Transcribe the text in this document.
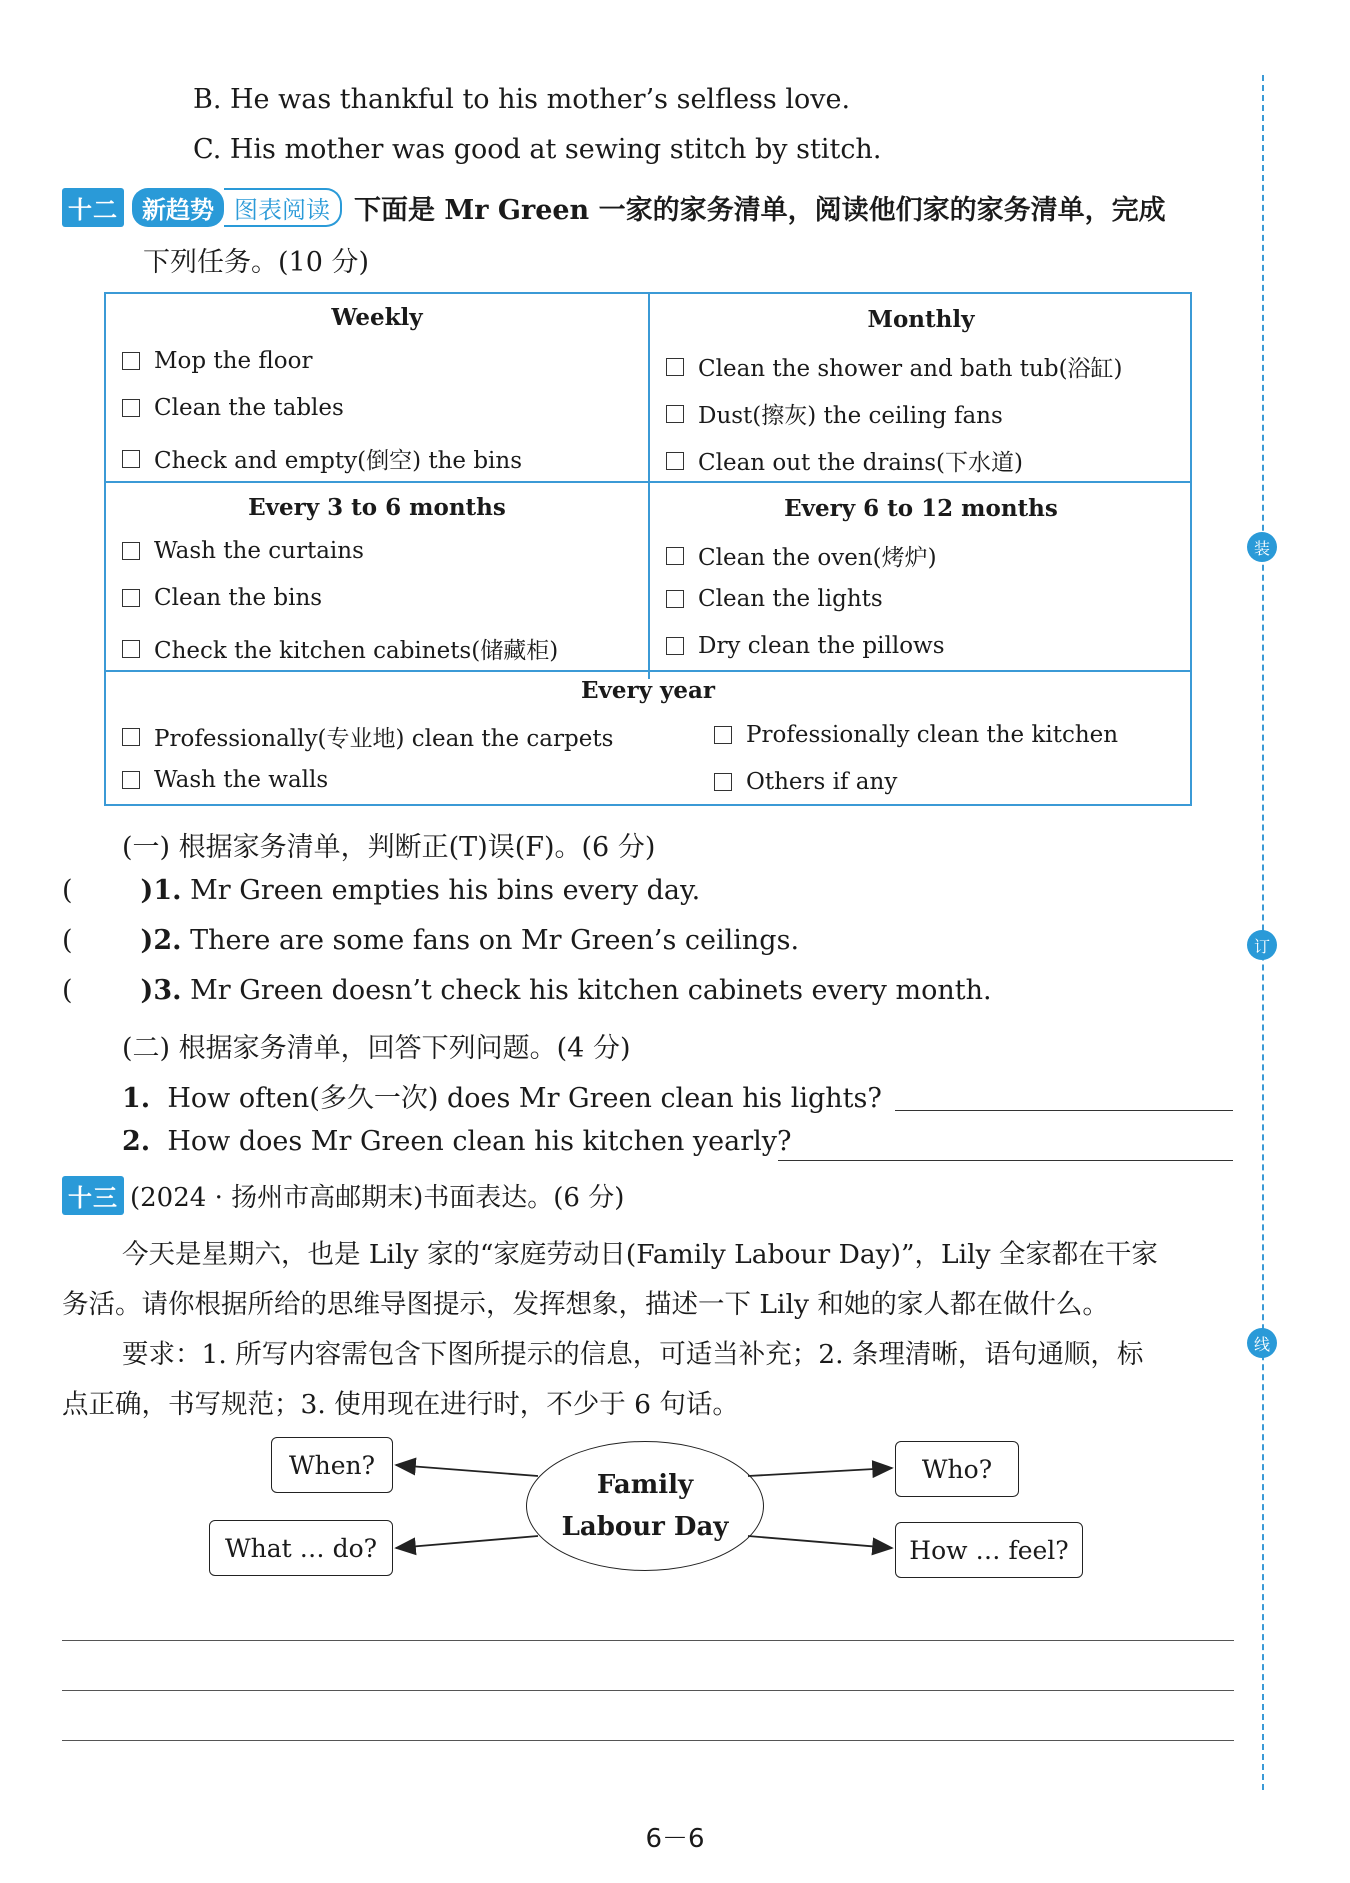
B. He was thankful to his mother’s selfless love.
C. His mother was good at sewing stitch by stitch.
十二	新趋势 图表阅读 下面是 Mr Green 一家的家务清单，阅读他们家的家务清单，完成
下列任务。(10 分)
Weekly
Mop the floor
Clean the tables
Check and empty(倒空) the bins
Monthly
Clean the shower and bath tub(浴缸)
Dust(擦灰) the ceiling fans
Clean out the drains(下水道)
Every 3 to 6 months
Wash the curtains
Clean the bins
Check the kitchen cabinets(储藏柜)
Every 6 to 12 months
Clean the oven(烤炉)
Clean the lights
Dry clean the pillows
Every year
Professionally(专业地) clean the carpets
Wash the walls
Professionally clean the kitchen
Others if any
(一) 根据家务清单，判断正(T)误(F)。(6 分)
(	)1. Mr Green empties his bins every day.
(	)2. There are some fans on Mr Green’s ceilings.
(	)3. Mr Green doesn’t check his kitchen cabinets every month.
(二) 根据家务清单，回答下列问题。(4 分)
1. How often(多久一次) does Mr Green clean his lights?
2. How does Mr Green clean his kitchen yearly?
十三 (2024 · 扬州市高邮期末)书面表达。(6 分)
今天是星期六，也是 Lily 家的“家庭劳动日(Family Labour Day)”，Lily 全家都在干家
务活。请你根据所给的思维导图提示，发挥想象，描述一下 Lily 和她的家人都在做什么。
要求：1. 所写内容需包含下图所提示的信息，可适当补充；2. 条理清晰，语句通顺，标
点正确，书写规范；3. 使用现在进行时，不少于 6 句话。
Family
Labour Day
When?	Who?
What … do?	How … feel?
装
订
线
6－6
